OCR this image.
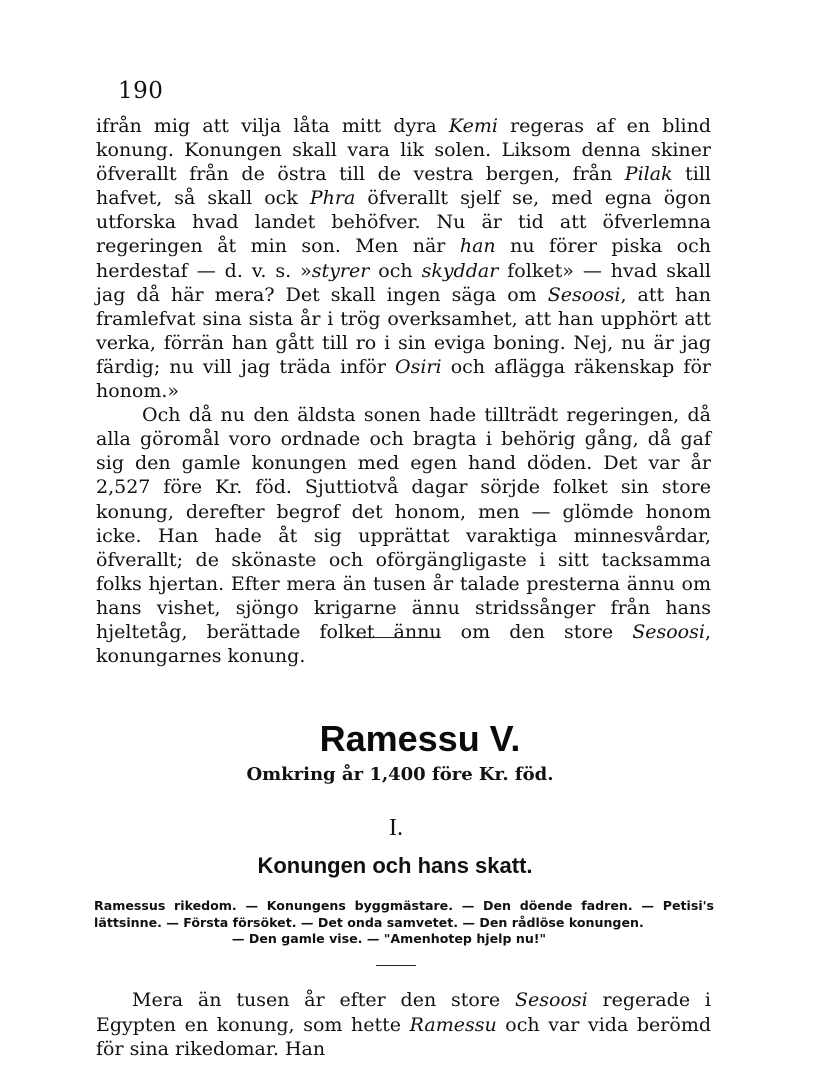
190

ifrån mig att vilja låta mitt dyra Kemi regeras af en blind konung. Konungen skall vara lik solen. Liksom denna skiner öfverallt från de östra till de vestra bergen, från Pilak till hafvet, så skall ock Phra öfverallt sjelf se, med egna ögon utforska hvad landet behöfver. Nu är tid att öfverlemna regeringen åt min son. Men när han nu förer piska och herdestaf — d. v. s. »styrer och skyddar folket» — hvad skall jag då här mera? Det skall ingen säga om Sesoosi, att han framlefvat sina sista år i trög overksamhet, att han upphört att verka, förrän han gått till ro i sin eviga boning. Nej, nu är jag färdig; nu vill jag träda inför Osiri och aflägga räkenskap för honom.»

Och då nu den äldsta sonen hade tillträdt regeringen, då alla göromål voro ordnade och bragta i behörig gång, då gaf sig den gamle konungen med egen hand döden. Det var år 2,527 före Kr. föd. Sjuttiotvå dagar sörjde folket sin store konung, derefter begrof det honom, men — glömde honom icke. Han hade åt sig upprättat varaktiga minnesvårdar, öfverallt; de skönaste och oförgängligaste i sitt tacksamma folks hjertan. Efter mera än tusen år talade presterna ännu om hans vishet, sjöngo krigarne ännu stridssånger från hans hjeltetåg, berättade folket ännu om den store Sesoosi, konungarnes konung.

Ramessu V.
Omkring år 1,400 före Kr. föd.
I.
Konungen och hans skatt.

Ramessus rikedom. — Konungens byggmästare. — Den döende fadren. — Petisi's lättsinne. — Första försöket. — Det onda samvetet. — Den rådlöse konungen.
— Den gamle vise. — "Amenhotep hjelp nu!"

Mera än tusen år efter den store Sesoosi regerade i Egypten en konung, som hette Ramessu och var vida berömd för sina rikedomar. Han
